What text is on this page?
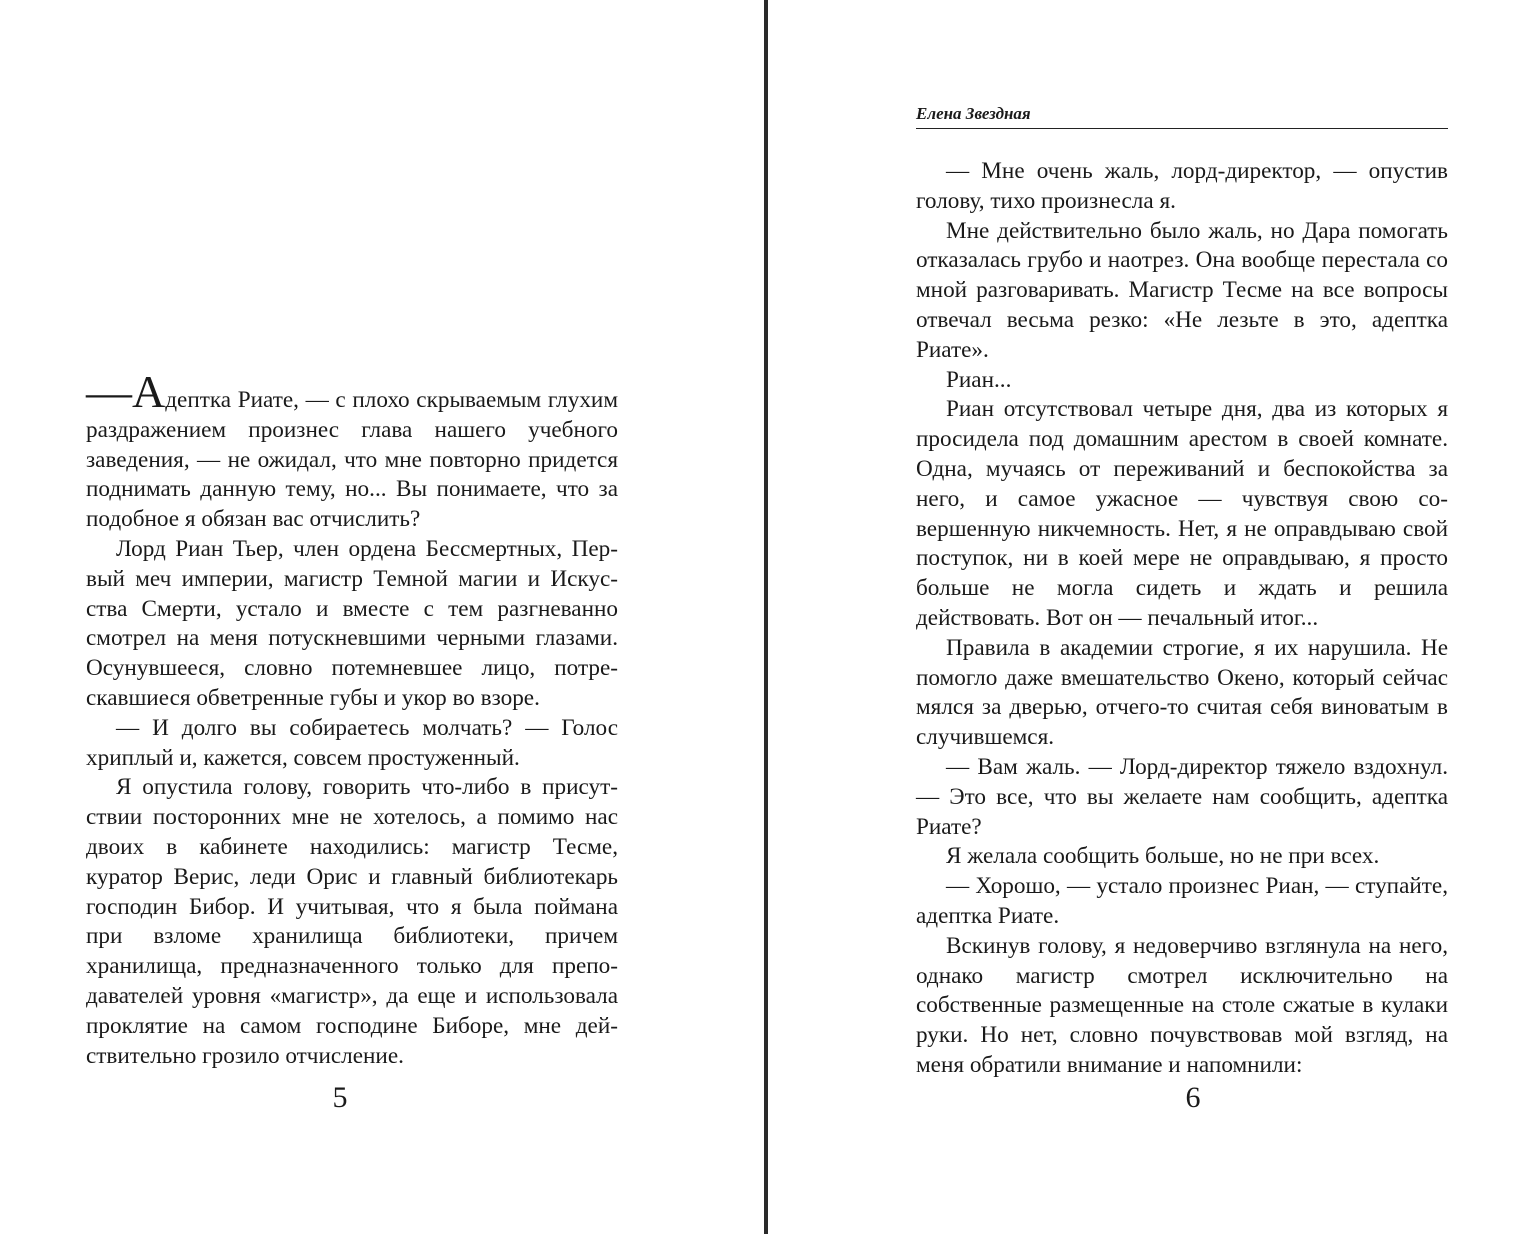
—Адептка Риате, — с плохо скрываемым глухим раздражением произнес глава нашего учебного заведения, — не ожидал, что мне повторно придется поднимать данную тему, но... Вы понимаете, что за подобное я обязан вас отчислить?

Лорд Риан Тьер, член ордена Бессмертных, Первый меч империи, магистр Темной магии и Искусства Смерти, устало и вместе с тем разгневанно смотрел на меня потускневшими черными глазами. Осунувшееся, словно потемневшее лицо, потрескавшиеся обветренные губы и укор во взоре.

— И долго вы собираетесь молчать? — Голос хриплый и, кажется, совсем простуженный.

Я опустила голову, говорить что-либо в присутствии посторонних мне не хотелось, а помимо нас двоих в кабинете находились: магистр Тесме, куратор Верис, леди Орис и главный библиотекарь господин Бибор. И учитывая, что я была поймана при взломе хранилища библиотеки, причем хранилища, предназначенного только для преподавателей уровня «магистр», да еще и использовала проклятие на самом господине Биборе, мне действительно грозило отчисление.

5
Елена Звездная

— Мне очень жаль, лорд-директор, — опустив голову, тихо произнесла я.

Мне действительно было жаль, но Дара помогать отказалась грубо и наотрез. Она вообще перестала со мной разговаривать. Магистр Тесме на все вопросы отвечал весьма резко: «Не лезьте в это, адептка Риате».

Риан...

Риан отсутствовал четыре дня, два из которых я просидела под домашним арестом в своей комнате. Одна, мучаясь от переживаний и беспокойства за него, и самое ужасное — чувствуя свою совершенную никчемность. Нет, я не оправдываю свой поступок, ни в коей мере не оправдываю, я просто больше не могла сидеть и ждать и решила действовать. Вот он — печальный итог...

Правила в академии строгие, я их нарушила. Не помогло даже вмешательство Окено, который сейчас мялся за дверью, отчего-то считая себя виноватым в случившемся.

— Вам жаль. — Лорд-директор тяжело вздохнул. — Это все, что вы желаете нам сообщить, адептка Риате?

Я желала сообщить больше, но не при всех.

— Хорошо, — устало произнес Риан, — ступайте, адептка Риате.

Вскинув голову, я недоверчиво взглянула на него, однако магистр смотрел исключительно на собственные размещенные на столе сжатые в кулаки руки. Но нет, словно почувствовав мой взгляд, на меня обратили внимание и напомнили:

6
